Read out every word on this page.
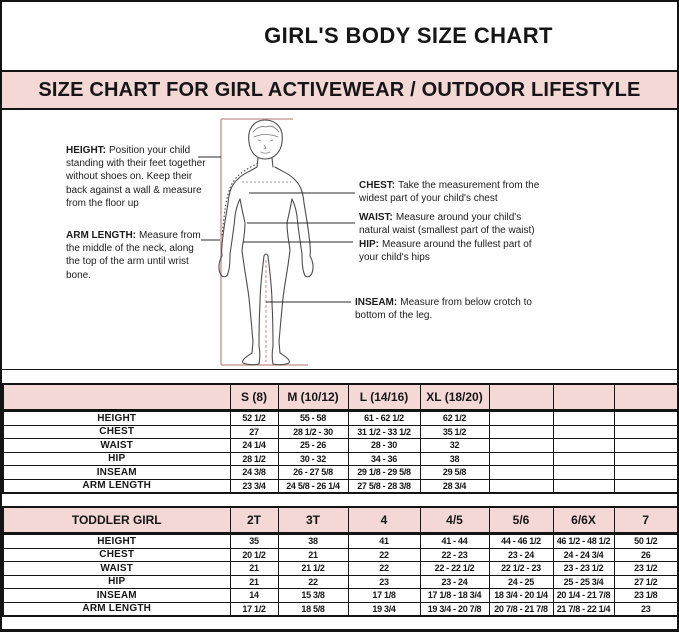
GIRL'S BODY SIZE CHART
SIZE CHART FOR GIRL ACTIVEWEAR / OUTDOOR LIFESTYLE
HEIGHT: Position your child standing with their feet together without shoes on. Keep their back against a wall & measure from the floor up
ARM LENGTH: Measure from the middle of the neck, along the top of the arm until wrist bone.
CHEST: Take the measurement from the widest part of your child's chest
WAIST: Measure around your child's natural waist (smallest part of the waist)
HIP: Measure around the fullest part of your child's hips
INSEAM: Measure from below crotch to bottom of the leg.
	S (8)	M (10/12)	L (14/16)	XL (18/20)			
HEIGHT	52 1/2	55 - 58	61 - 62 1/2	62 1/2			
CHEST	27	28 1/2 - 30	31 1/2 - 33 1/2	35 1/2			
WAIST	24 1/4	25 - 26	28 - 30	32			
HIP	28 1/2	30 - 32	34 - 36	38			
INSEAM	24 3/8	26 - 27 5/8	29 1/8 - 29 5/8	29 5/8			
ARM LENGTH	23 3/4	24 5/8 - 26 1/4	27 5/8 - 28 3/8	28 3/4			
TODDLER GIRL	2T	3T	4	4/5	5/6	6/6X	7
HEIGHT	35	38	41	41 - 44	44 - 46 1/2	46 1/2 - 48 1/2	50 1/2
CHEST	20 1/2	21	22	22 - 23	23 - 24	24 - 24 3/4	26
WAIST	21	21 1/2	22	22 - 22 1/2	22 1/2 - 23	23 - 23 1/2	23 1/2
HIP	21	22	23	23 - 24	24 - 25	25 - 25 3/4	27 1/2
INSEAM	14	15 3/8	17 1/8	17 1/8 - 18 3/4	18 3/4 - 20 1/4	20 1/4 - 21 7/8	23 1/8
ARM LENGTH	17 1/2	18 5/8	19 3/4	19 3/4 - 20 7/8	20 7/8 - 21 7/8	21 7/8 - 22 1/4	23
